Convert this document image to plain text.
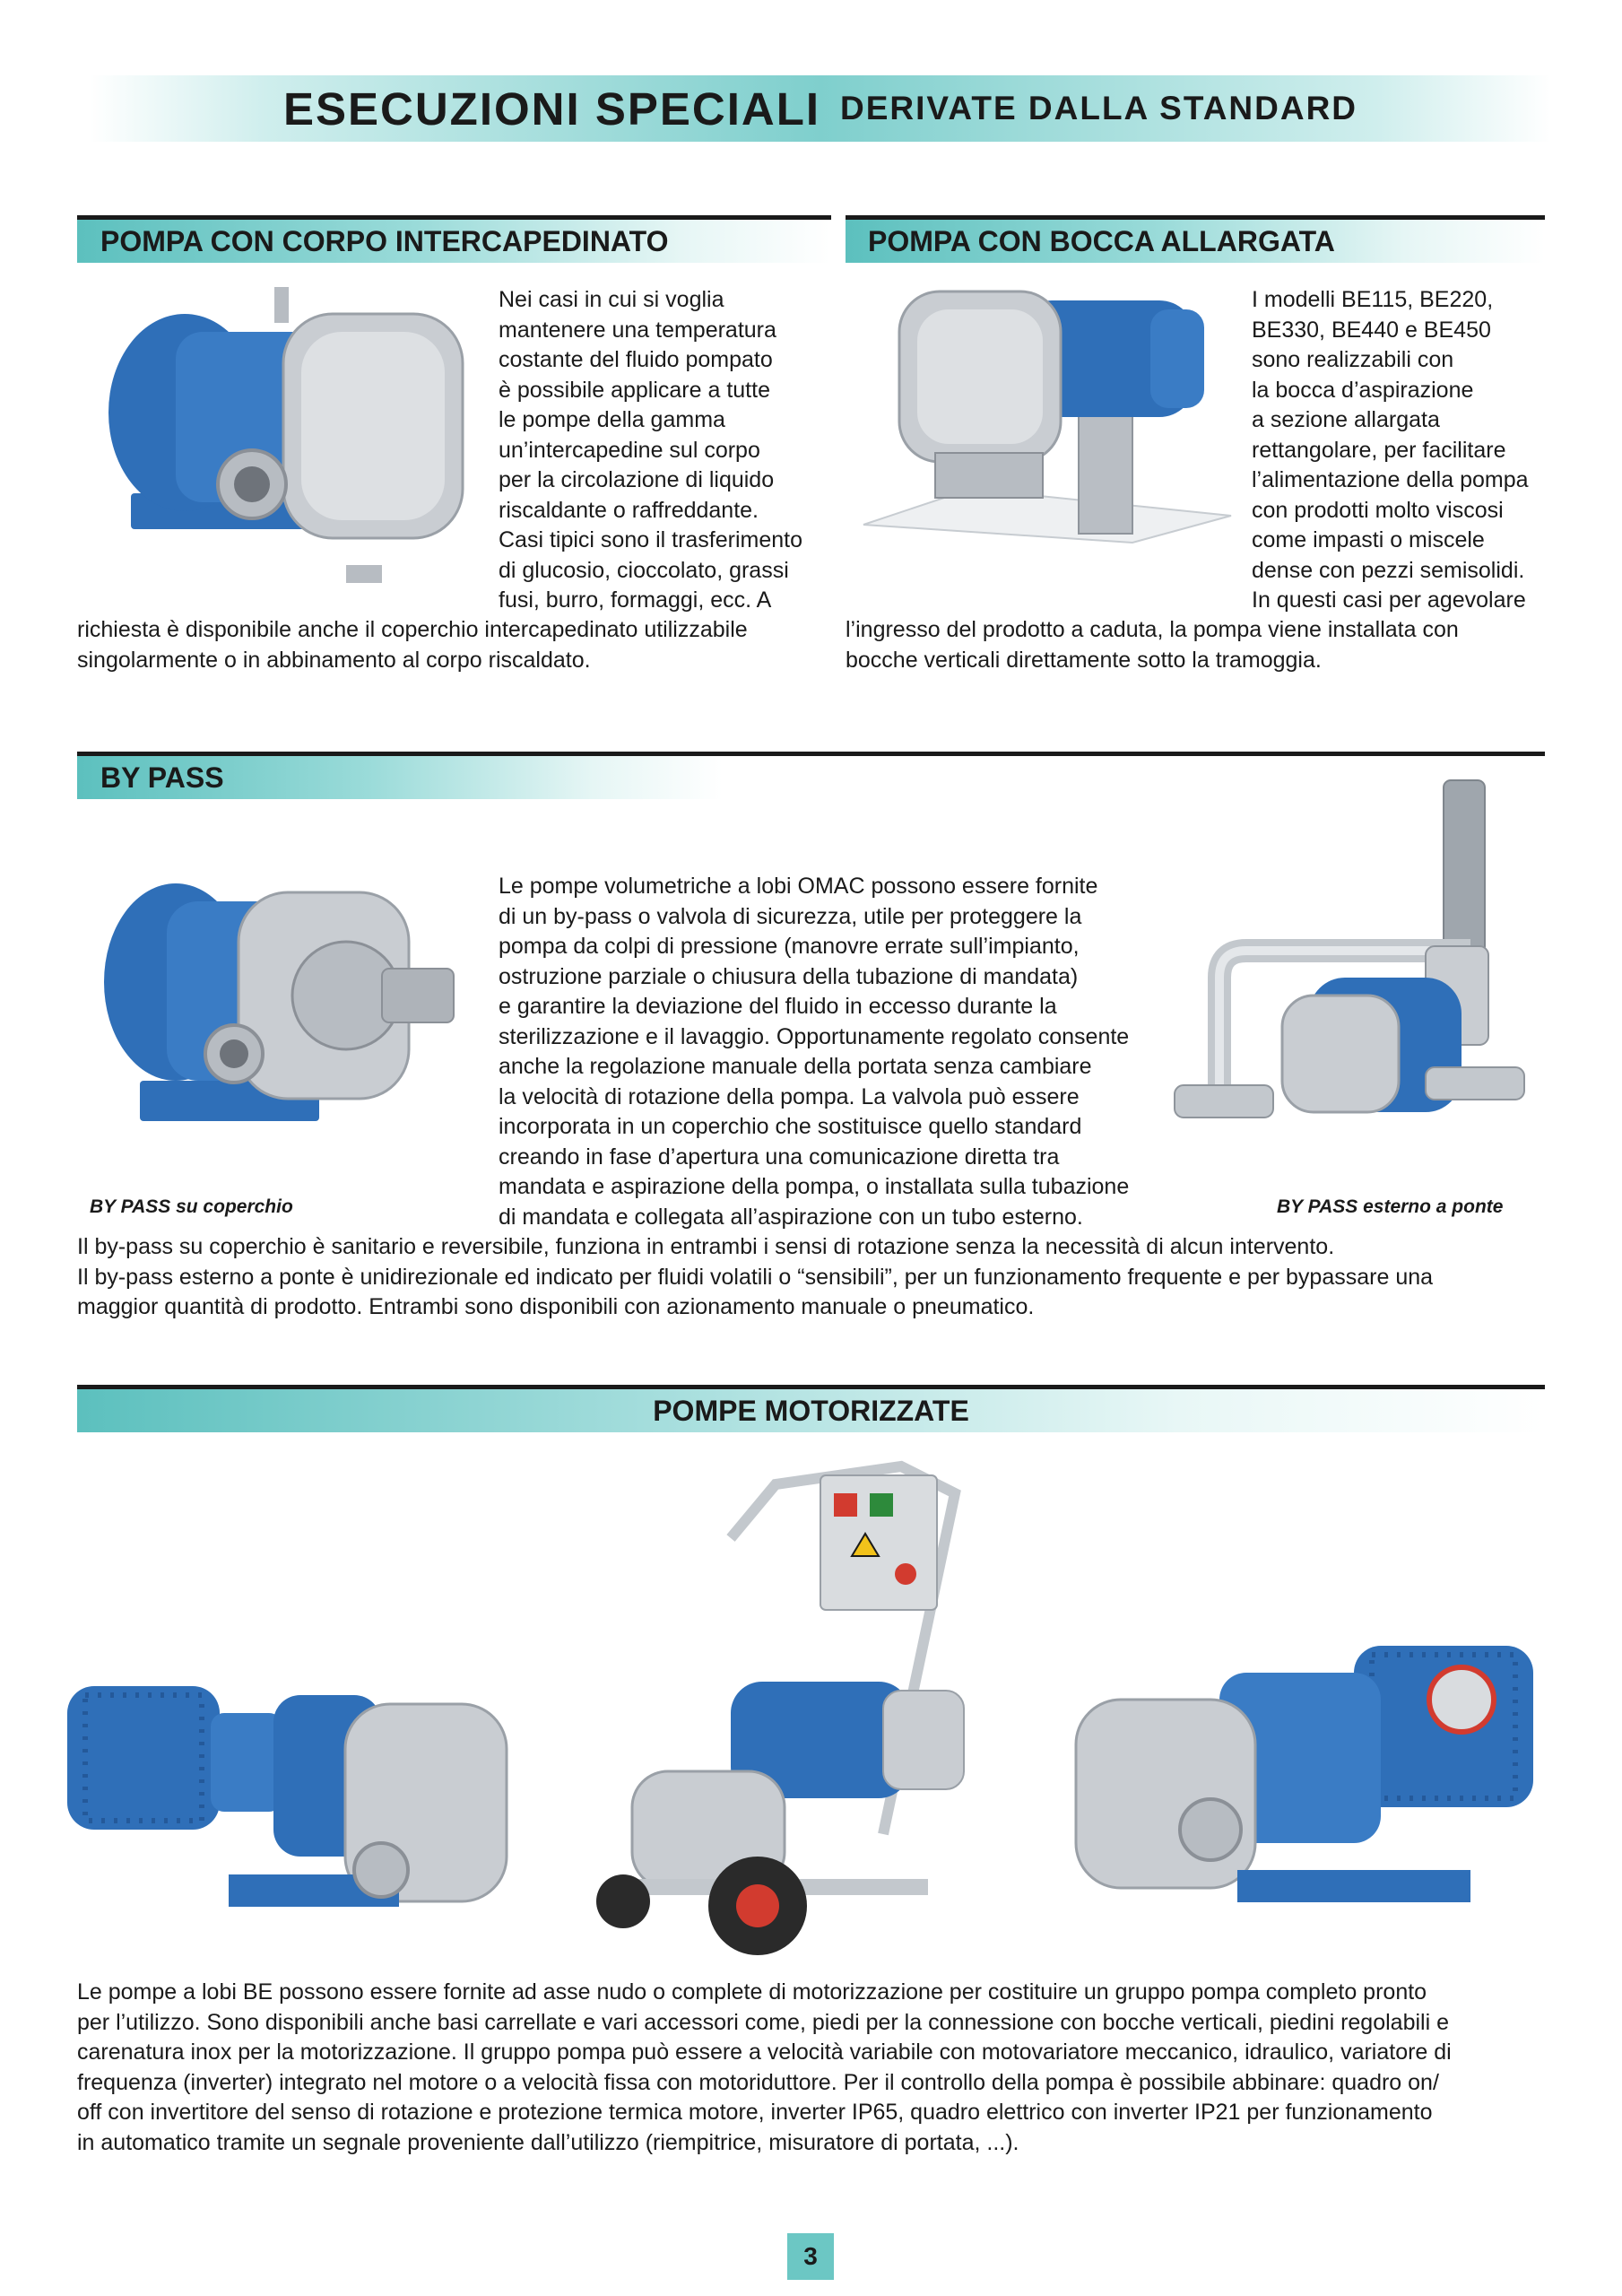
ESECUZIONI SPECIALI DERIVATE DALLA STANDARD
POMPA CON CORPO INTERCAPEDINATO
Nei casi in cui si voglia
mantenere una temperatura
costante del fluido pompato
è possibile applicare a tutte
le pompe della gamma
un’intercapedine sul corpo
per la circolazione di liquido
riscaldante o raffreddante.
Casi tipici sono il trasferimento
di glucosio, cioccolato, grassi
fusi, burro, formaggi, ecc. A
richiesta è disponibile anche il coperchio intercapedinato utilizzabile
singolarmente o in abbinamento al corpo riscaldato.
POMPA CON BOCCA ALLARGATA
I modelli BE115, BE220,
BE330, BE440 e BE450
sono realizzabili con
la bocca d’aspirazione
a sezione allargata
rettangolare, per facilitare
l’alimentazione della pompa
con prodotti molto viscosi
come impasti o miscele
dense con pezzi semisolidi.
In questi casi per agevolare
l’ingresso del prodotto a caduta, la pompa viene installata con
bocche verticali direttamente sotto la tramoggia.
BY PASS
BY PASS su coperchio	BY PASS esterno a ponte
Le pompe volumetriche a lobi OMAC possono essere fornite
di un by-pass o valvola di sicurezza, utile per proteggere la
pompa da colpi di pressione (manovre errate sull’impianto,
ostruzione parziale o chiusura della tubazione di mandata)
e garantire la deviazione del fluido in eccesso durante la
sterilizzazione e il lavaggio. Opportunamente regolato consente
anche la regolazione manuale della portata senza cambiare
la velocità di rotazione della pompa. La valvola può essere
incorporata in un coperchio che sostituisce quello standard
creando in fase d’apertura una comunicazione diretta tra
mandata e aspirazione della pompa, o installata sulla tubazione
di mandata e collegata all’aspirazione con un tubo esterno.
Il by-pass su coperchio è sanitario e reversibile, funziona in entrambi i sensi di rotazione senza la necessità di alcun intervento.
Il by-pass esterno a ponte è unidirezionale ed indicato per fluidi volatili o “sensibili”, per un funzionamento frequente e per bypassare una
maggior quantità di prodotto. Entrambi sono disponibili con azionamento manuale o pneumatico.
POMPE MOTORIZZATE
Le pompe a lobi BE possono essere fornite ad asse nudo o complete di motorizzazione per costituire un gruppo pompa completo pronto
per l’utilizzo. Sono disponibili anche basi carrellate e vari accessori come, piedi per la connessione con bocche verticali, piedini regolabili e
carenatura inox per la motorizzazione. Il gruppo pompa può essere a velocità variabile con motovariatore meccanico, idraulico, variatore di
frequenza (inverter) integrato nel motore o a velocità fissa con motoriduttore. Per il controllo della pompa è possibile abbinare: quadro on/
off con invertitore del senso di rotazione e protezione termica motore, inverter IP65, quadro elettrico con inverter IP21 per funzionamento
in automatico tramite un segnale proveniente dall’utilizzo (riempitrice, misuratore di portata, ...).
3
